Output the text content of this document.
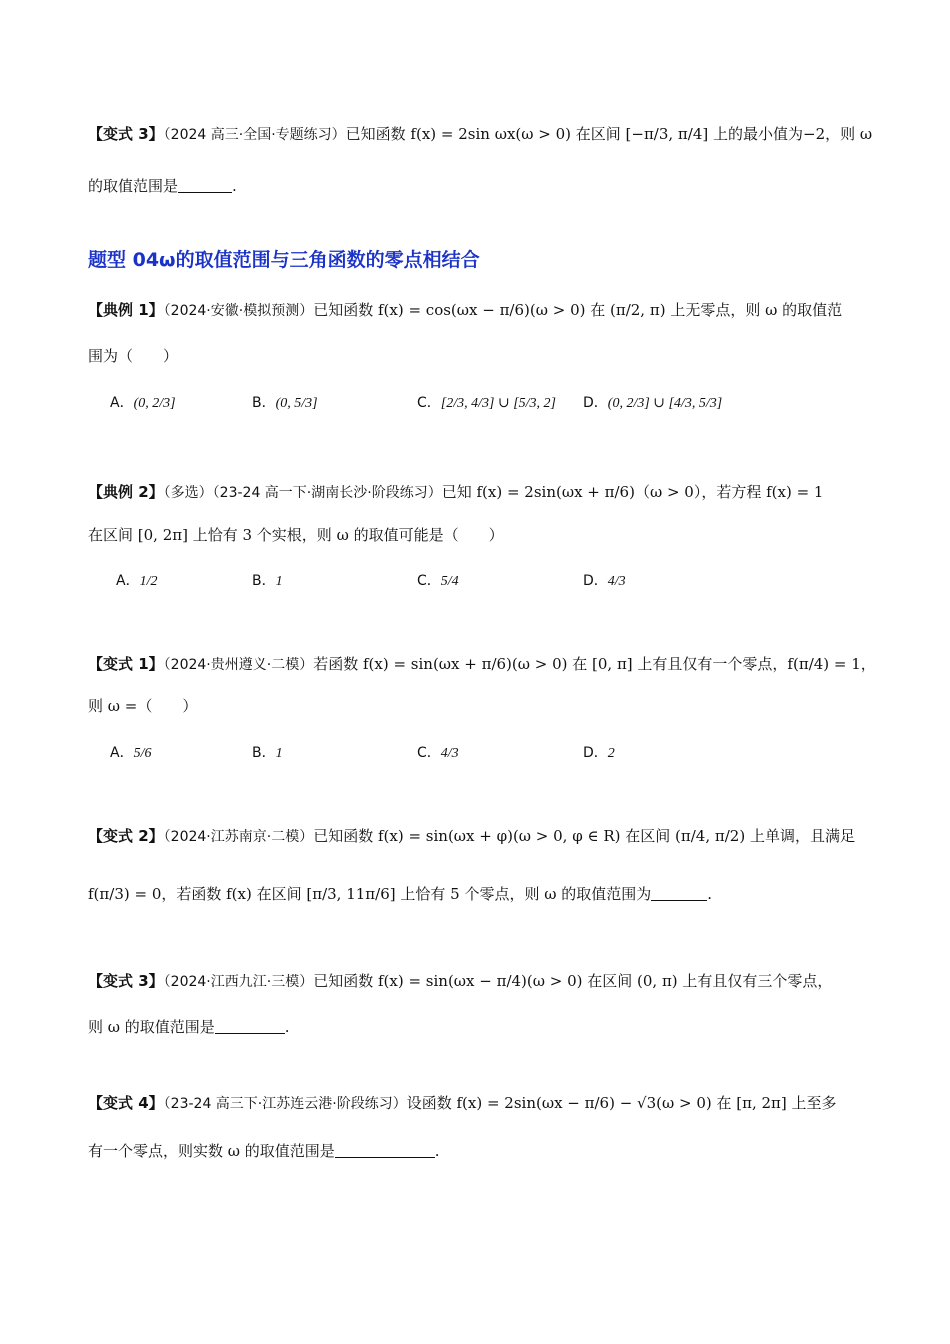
【变式 3】（2024 高三·全国·专题练习）已知函数 f(x) = 2sin ωx(ω > 0) 在区间 [−π/3, π/4] 上的最小值为−2，则 ω
的取值范围是	.
题型 04ω的取值范围与三角函数的零点相结合
【典例 1】（2024·安徽·模拟预测）已知函数 f(x) = cos(ωx − π/6)(ω > 0) 在 (π/2, π) 上无零点，则 ω 的取值范
围为（　　）
A．(0, 2/3]	B．(0, 5/3]	C．[2/3, 4/3] ∪ [5/3, 2] D．(0, 2/3] ∪ [4/3, 5/3]
【典例 2】（多选）（23-24 高一下·湖南长沙·阶段练习）已知 f(x) = 2sin(ωx + π/6)（ω > 0），若方程 f(x) = 1
在区间 [0, 2π] 上恰有 3 个实根，则 ω 的取值可能是（　　）
A．1/2	B．1	C．5/4	D．4/3
【变式 1】（2024·贵州遵义·二模）若函数 f(x) = sin(ωx + π/6)(ω > 0) 在 [0, π] 上有且仅有一个零点，f(π/4) = 1，
则 ω =（　　）
A．5/6	B．1	C．4/3	D．2
【变式 2】（2024·江苏南京·二模）已知函数 f(x) = sin(ωx + φ)(ω > 0, φ ∈ R) 在区间 (π/4, π/2) 上单调，且满足
f(π/3) = 0，若函数 f(x) 在区间 [π/3, 11π/6] 上恰有 5 个零点，则 ω 的取值范围为	.
【变式 3】（2024·江西九江·三模）已知函数 f(x) = sin(ωx − π/4)(ω > 0) 在区间 (0, π) 上有且仅有三个零点，
则 ω 的取值范围是	.
【变式 4】（23-24 高三下·江苏连云港·阶段练习）设函数 f(x) = 2sin(ωx − π/6) − √3(ω > 0) 在 [π, 2π] 上至多
有一个零点，则实数 ω 的取值范围是	.
